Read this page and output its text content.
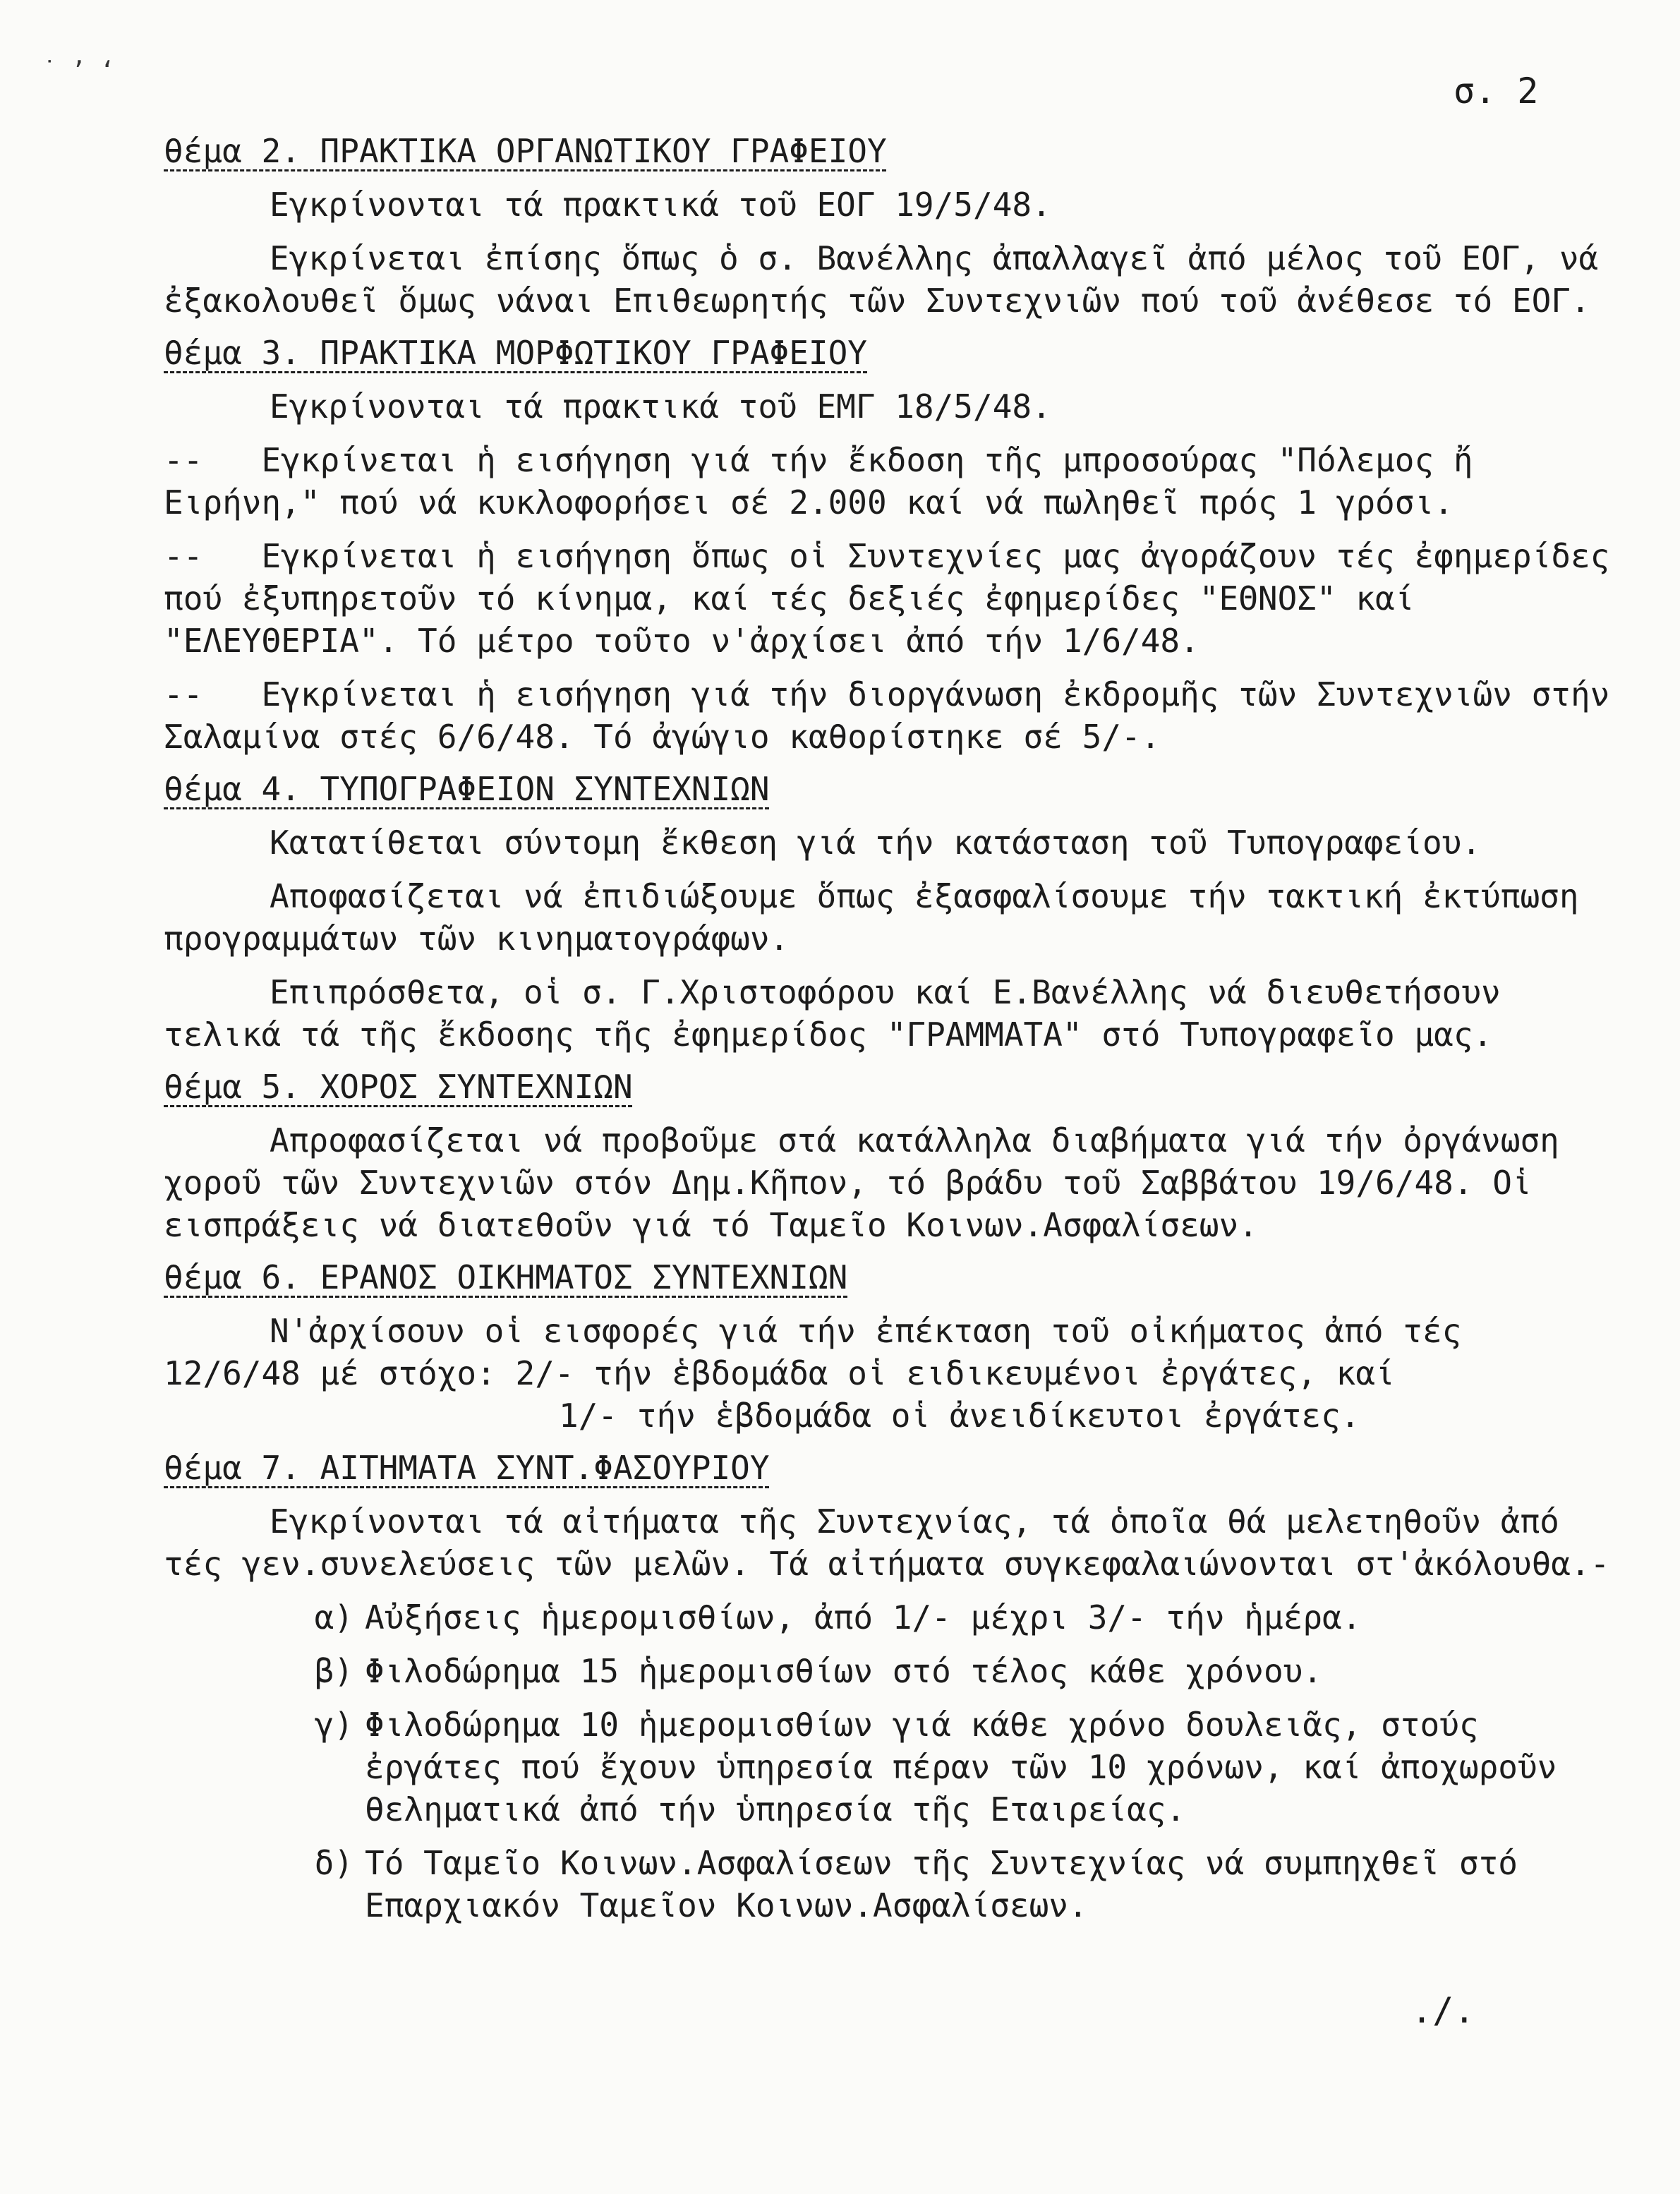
˙ ʼ ʻ	σ. 2
θέμα 2. ΠΡΑΚΤΙΚΑ ΟΡΓΑΝΩΤΙΚΟΥ ΓΡΑΦΕΙΟΥ
Εγκρίνονται τά πρακτικά τοῦ ΕΟΓ 19/5/48.
Εγκρίνεται ἐπίσης ὅπως ὁ σ. Βανέλλης ἀπαλλαγεῖ ἀπό μέλος τοῦ ΕΟΓ, νά ἐξακολουθεῖ ὅμως νάναι Επιθεωρητής τῶν Συντεχνιῶν πού τοῦ ἀνέθεσε τό ΕΟΓ.
θέμα 3. ΠΡΑΚΤΙΚΑ ΜΟΡΦΩΤΙΚΟΥ ΓΡΑΦΕΙΟΥ
Εγκρίνονται τά πρακτικά τοῦ ΕΜΓ 18/5/48.
--   Εγκρίνεται ἡ εισήγηση γιά τήν ἔκδοση τῆς μπροσούρας "Πόλεμος ἤ Ειρήνη," πού νά κυκλοφορήσει σέ 2.000 καί νά πωληθεῖ πρός 1 γρόσι.
--   Εγκρίνεται ἡ εισήγηση ὅπως οἱ Συντεχνίες μας ἀγοράζουν τές ἐφημερίδες πού ἐξυπηρετοῦν τό κίνημα, καί τές δεξιές ἐφημερίδες "ΕΘΝΟΣ" καί "ΕΛΕΥΘΕΡΙΑ". Τό μέτρο τοῦτο ν'ἀρχίσει ἀπό τήν 1/6/48.
--   Εγκρίνεται ἡ εισήγηση γιά τήν διοργάνωση ἐκδρομῆς τῶν Συντεχνιῶν στήν Σαλαμίνα στές 6/6/48. Τό ἀγώγιο καθορίστηκε σέ 5/-.
θέμα 4. ΤΥΠΟΓΡΑΦΕΙΟΝ ΣΥΝΤΕΧΝΙΩΝ
Κατατίθεται σύντομη ἔκθεση γιά τήν κατάσταση τοῦ Τυπογραφείου.
Αποφασίζεται νά ἐπιδιώξουμε ὅπως ἐξασφαλίσουμε τήν τακτική ἐκτύπωση προγραμμάτων τῶν κινηματογράφων.
Επιπρόσθετα, οἱ σ. Γ.Χριστοφόρου καί Ε.Βανέλλης νά διευθετήσουν τελικά τά τῆς ἔκδοσης τῆς ἐφημερίδος "ΓΡΑΜΜΑΤΑ" στό Τυπογραφεῖο μας.
θέμα 5. ΧΟΡΟΣ ΣΥΝΤΕΧΝΙΩΝ
Απροφασίζεται νά προβοῦμε στά κατάλληλα διαβήματα γιά τήν ὀργάνωση χοροῦ τῶν Συντεχνιῶν στόν Δημ.Κῆπον, τό βράδυ τοῦ Σαββάτου 19/6/48. Οἱ εισπράξεις νά διατεθοῦν γιά τό Ταμεῖο Κοινων.Ασφαλίσεων.
θέμα 6. ΕΡΑΝΟΣ ΟΙΚΗΜΑΤΟΣ ΣΥΝΤΕΧΝΙΩΝ
Ν'ἀρχίσουν οἱ εισφορές γιά τήν ἐπέκταση τοῦ οἰκήματος ἀπό τές 12/6/48 μέ στόχο: 2/- τήν ἑβδομάδα οἱ ειδικευμένοι ἐργάτες, καί
1/- τήν ἑβδομάδα οἱ ἀνειδίκευτοι ἐργάτες.
θέμα 7. ΑΙΤΗΜΑΤΑ ΣΥΝΤ.ΦΑΣΟΥΡΙΟΥ
Εγκρίνονται τά αἰτήματα τῆς Συντεχνίας, τά ὁποῖα θά μελετηθοῦν ἀπό τές γεν.συνελεύσεις τῶν μελῶν. Τά αἰτήματα συγκεφαλαιώνονται στ'ἀκόλουθα.-
α) Αὐξήσεις ἡμερομισθίων, ἀπό 1/- μέχρι 3/- τήν ἡμέρα.
β) Φιλοδώρημα 15 ἡμερομισθίων στό τέλος κάθε χρόνου.
γ) Φιλοδώρημα 10 ἡμερομισθίων γιά κάθε χρόνο δουλειᾶς, στούς ἐργάτες πού ἔχουν ὑπηρεσία πέραν τῶν 10 χρόνων, καί ἀποχωροῦν θεληματικά ἀπό τήν ὑπηρεσία τῆς Εταιρείας.
δ) Τό Ταμεῖο Κοινων.Ασφαλίσεων τῆς Συντεχνίας νά συμπηχθεῖ στό Επαρχιακόν Ταμεῖον Κοινων.Ασφαλίσεων.
./.
